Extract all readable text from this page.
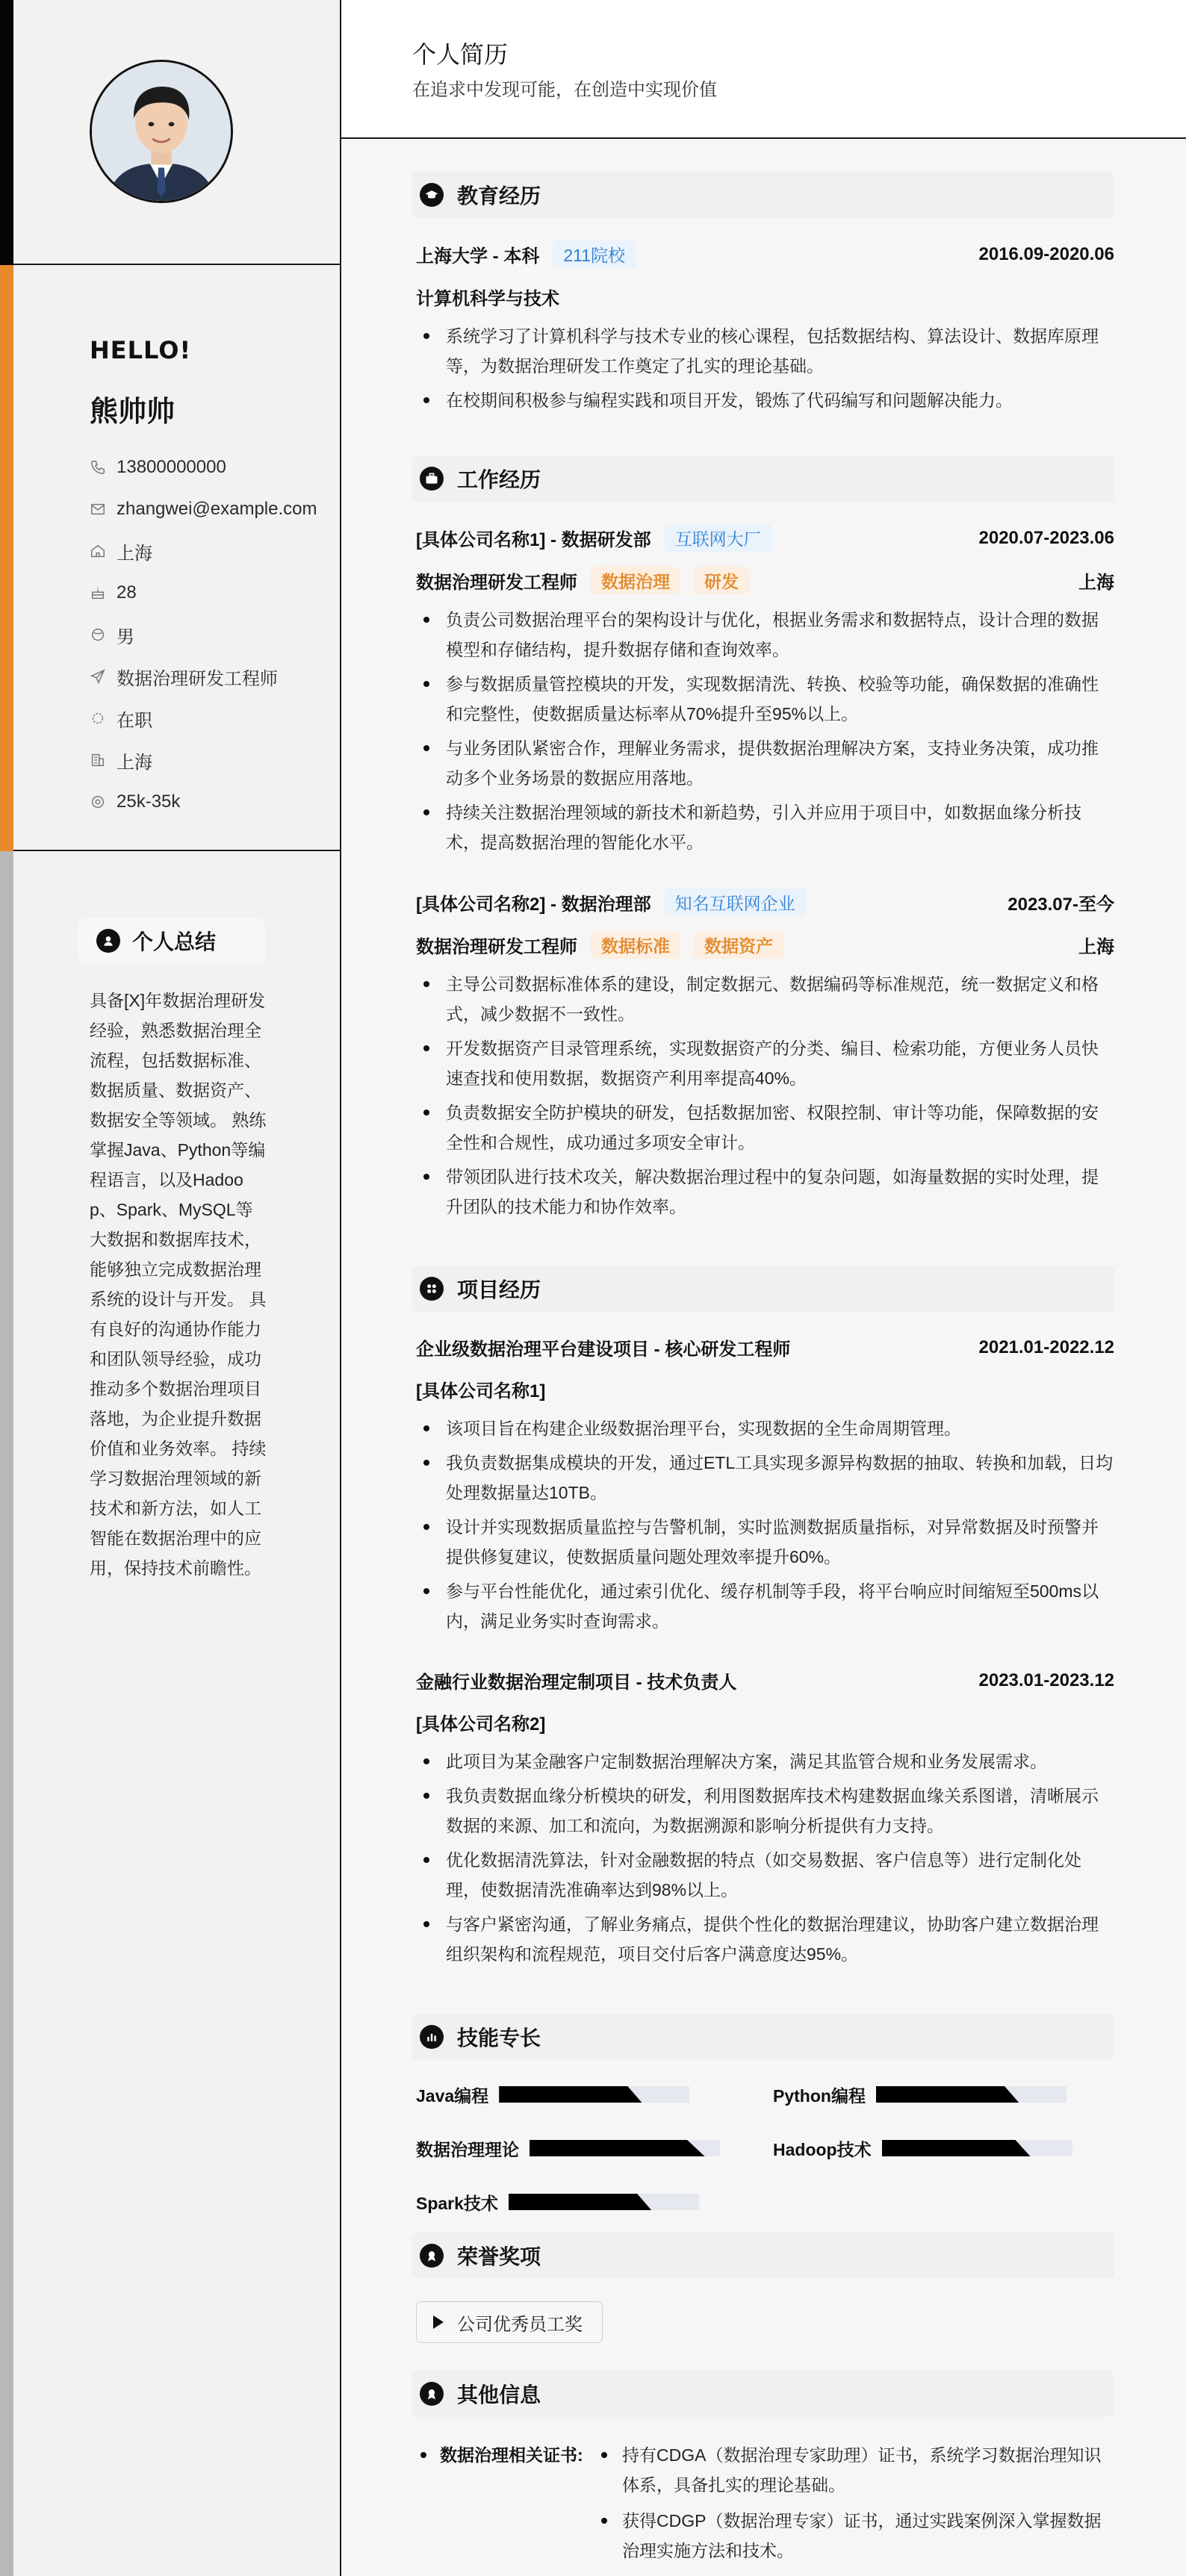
HELLO!
熊帅帅
13800000000
zhangwei@example.com
上海
28
男
数据治理研发工程师
在职
上海
25k-35k
个人总结
具备[X]年数据治理研发经验，熟悉数据治理全流程，包括数据标准、数据质量、数据资产、数据安全等领域。 熟练掌握Java、Python等编程语言，以及Hadoop、Spark、MySQL等大数据和数据库技术，能够独立完成数据治理系统的设计与开发。 具有良好的沟通协作能力和团队领导经验，成功推动多个数据治理项目落地，为企业提升数据价值和业务效率。 持续学习数据治理领域的新技术和新方法，如人工智能在数据治理中的应用，保持技术前瞻性。
个人简历
在追求中发现可能，在创造中实现价值
教育经历
上海大学 - 本科	211院校	2016.09-2020.06
计算机科学与技术
系统学习了计算机科学与技术专业的核心课程，包括数据结构、算法设计、数据库原理等，为数据治理研发工作奠定了扎实的理论基础。
在校期间积极参与编程实践和项目开发，锻炼了代码编写和问题解决能力。
工作经历
[具体公司名称1] - 数据研发部	互联网大厂	2020.07-2023.06
数据治理研发工程师	数据治理	研发	上海
负责公司数据治理平台的架构设计与优化，根据业务需求和数据特点，设计合理的数据模型和存储结构，提升数据存储和查询效率。
参与数据质量管控模块的开发，实现数据清洗、转换、校验等功能，确保数据的准确性和完整性，使数据质量达标率从70%提升至95%以上。
与业务团队紧密合作，理解业务需求，提供数据治理解决方案，支持业务决策，成功推动多个业务场景的数据应用落地。
持续关注数据治理领域的新技术和新趋势，引入并应用于项目中，如数据血缘分析技术，提高数据治理的智能化水平。
[具体公司名称2] - 数据治理部	知名互联网企业	2023.07-至今
数据治理研发工程师	数据标准	数据资产	上海
主导公司数据标准体系的建设，制定数据元、数据编码等标准规范，统一数据定义和格式，减少数据不一致性。
开发数据资产目录管理系统，实现数据资产的分类、编目、检索功能，方便业务人员快速查找和使用数据，数据资产利用率提高40%。
负责数据安全防护模块的研发，包括数据加密、权限控制、审计等功能，保障数据的安全性和合规性，成功通过多项安全审计。
带领团队进行技术攻关，解决数据治理过程中的复杂问题，如海量数据的实时处理，提升团队的技术能力和协作效率。
项目经历
企业级数据治理平台建设项目 - 核心研发工程师	2021.01-2022.12
[具体公司名称1]
该项目旨在构建企业级数据治理平台，实现数据的全生命周期管理。
我负责数据集成模块的开发，通过ETL工具实现多源异构数据的抽取、转换和加载，日均处理数据量达10TB。
设计并实现数据质量监控与告警机制，实时监测数据质量指标，对异常数据及时预警并提供修复建议，使数据质量问题处理效率提升60%。
参与平台性能优化，通过索引优化、缓存机制等手段，将平台响应时间缩短至500ms以内，满足业务实时查询需求。
金融行业数据治理定制项目 - 技术负责人	2023.01-2023.12
[具体公司名称2]
此项目为某金融客户定制数据治理解决方案，满足其监管合规和业务发展需求。
我负责数据血缘分析模块的研发，利用图数据库技术构建数据血缘关系图谱，清晰展示数据的来源、加工和流向，为数据溯源和影响分析提供有力支持。
优化数据清洗算法，针对金融数据的特点（如交易数据、客户信息等）进行定制化处理，使数据清洗准确率达到98%以上。
与客户紧密沟通，了解业务痛点，提供个性化的数据治理建议，协助客户建立数据治理组织架构和流程规范，项目交付后客户满意度达95%。
技能专长
Java编程	Python编程
数据治理理论	Hadoop技术
Spark技术
荣誉奖项
公司优秀员工奖
其他信息
数据治理相关证书:	持有CDGA（数据治理专家助理）证书，系统学习数据治理知识体系，具备扎实的理论基础。
获得CDGP（数据治理专家）证书，通过实践案例深入掌握数据治理实施方法和技术。
